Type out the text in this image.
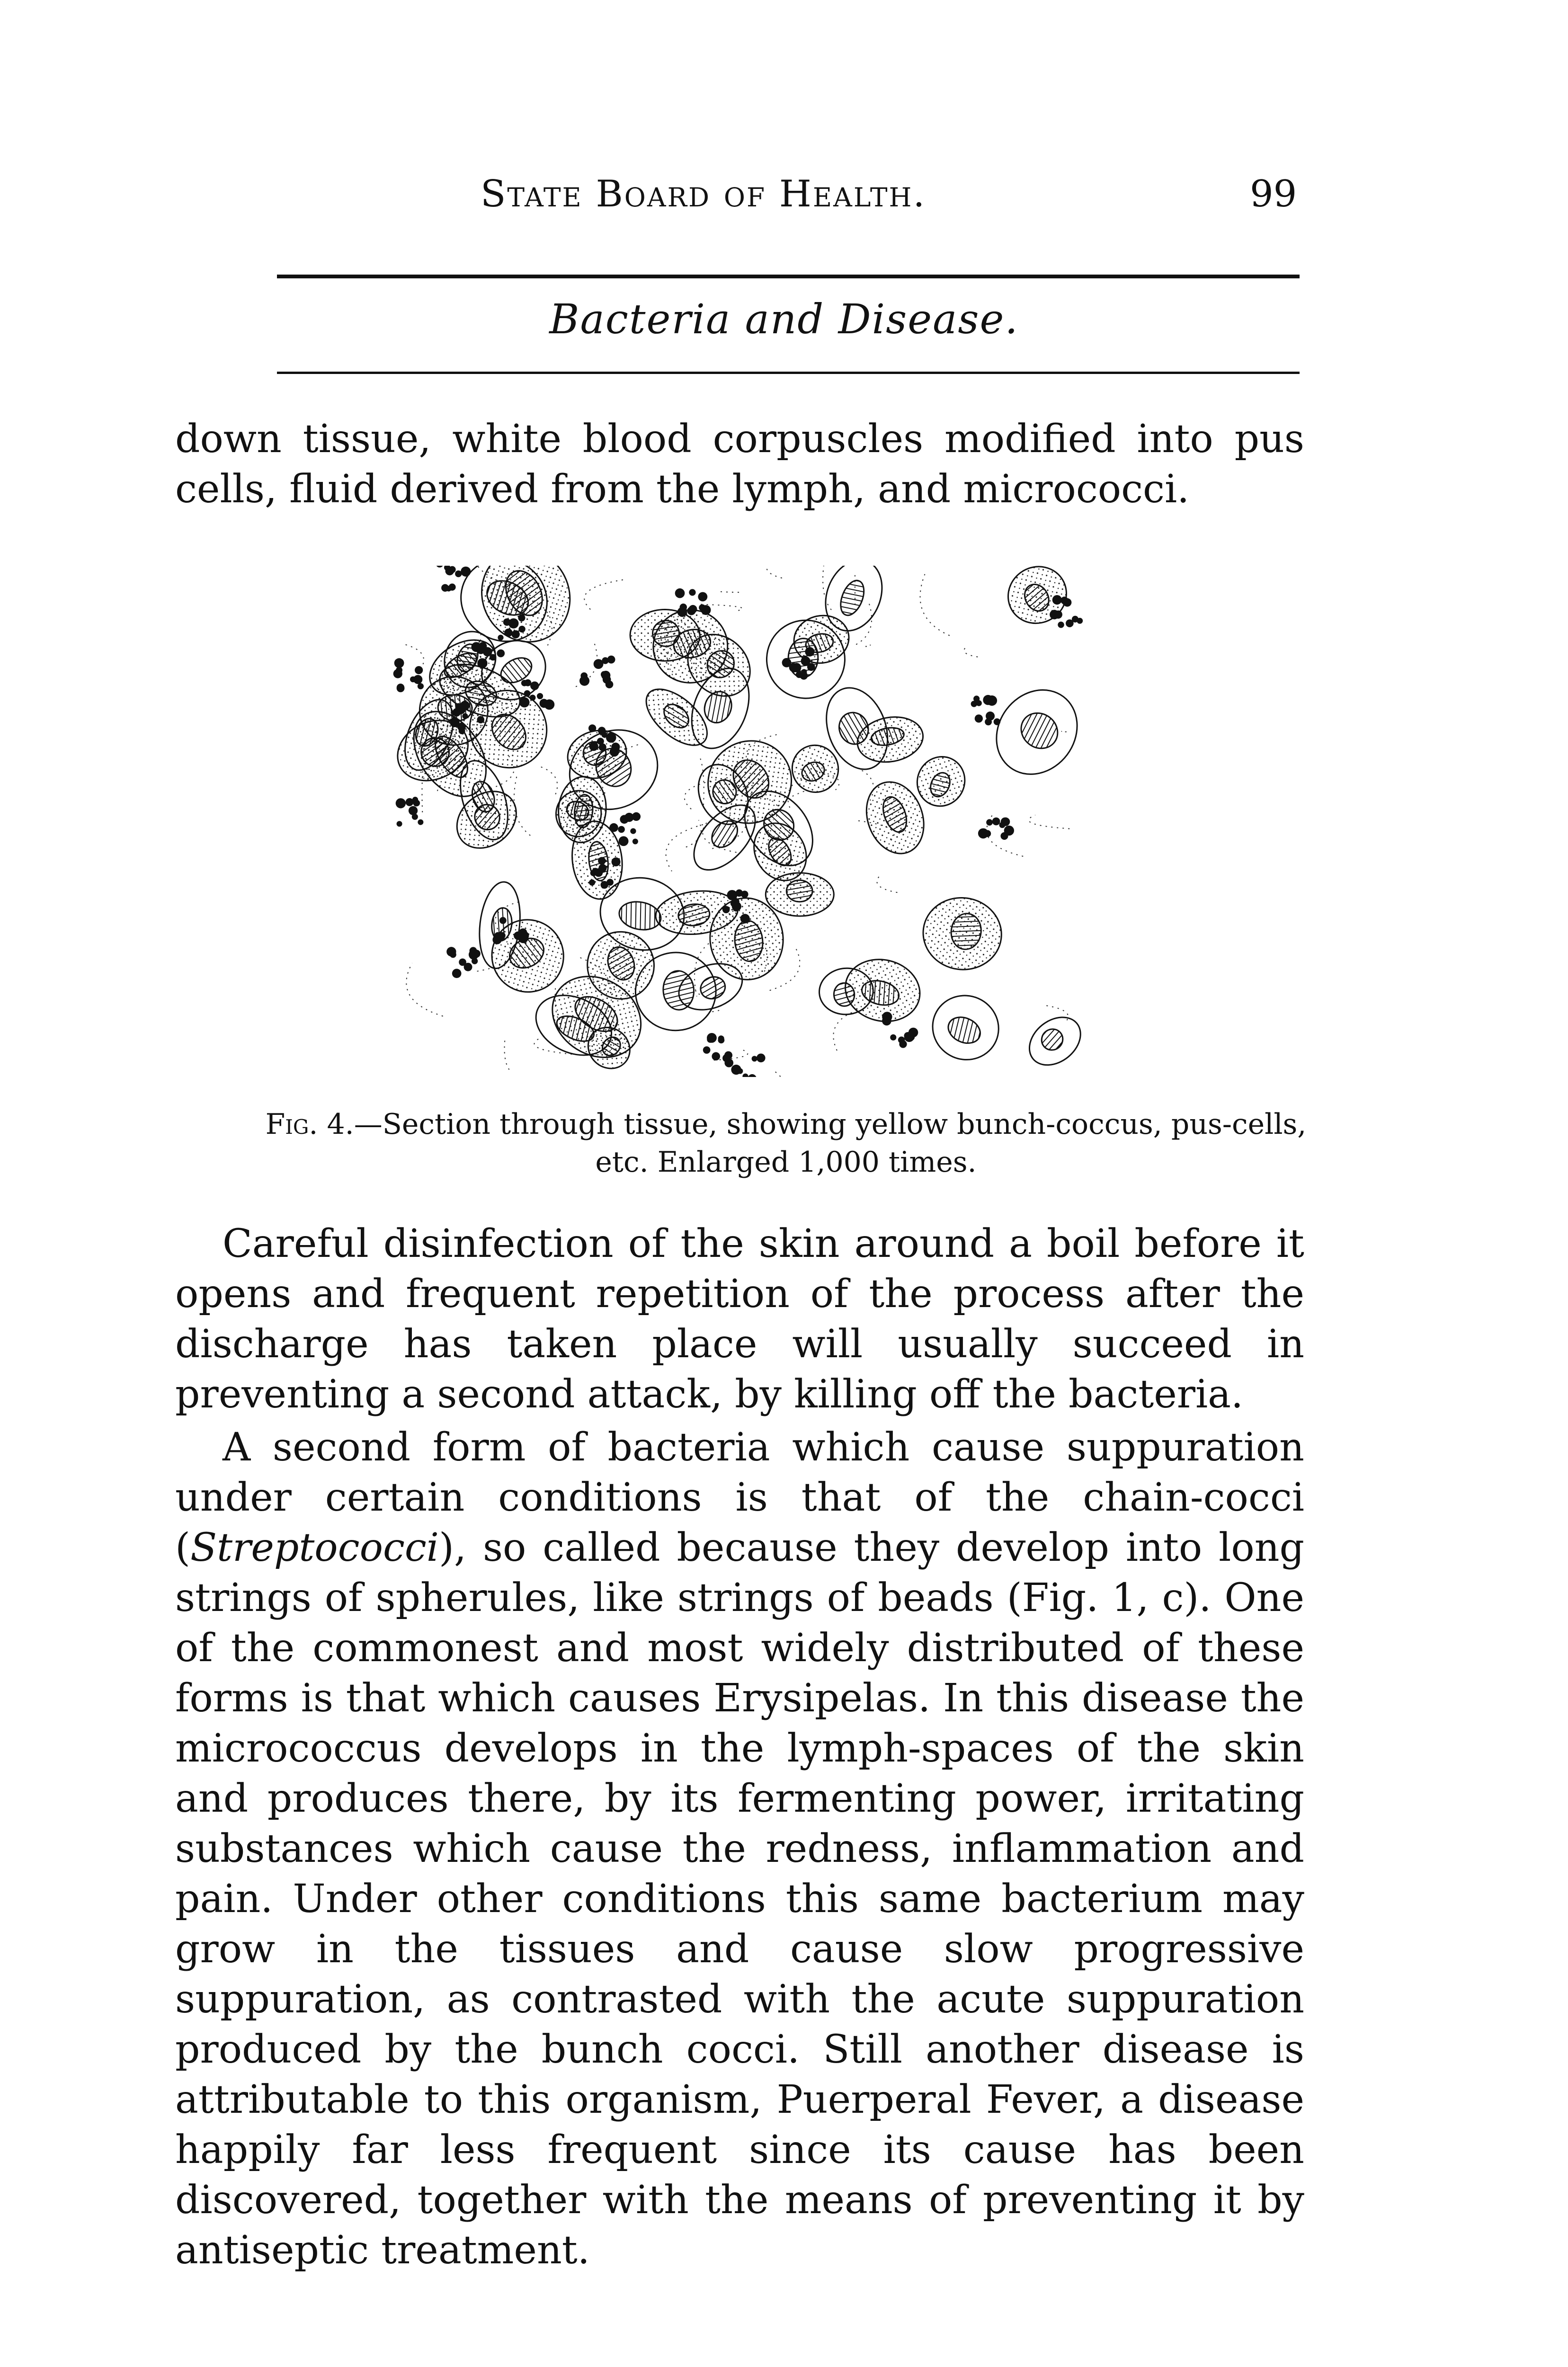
State Board of Health.	99
Bacteria and Disease.

down tissue, white blood corpuscles modified into pus cells, fluid derived from the lymph, and micrococci.

Fig. 4.—Section through tissue, showing yellow bunch-coccus, pus-cells, etc. Enlarged 1,000 times.

Careful disinfection of the skin around a boil before it opens and frequent repetition of the process after the discharge has taken place will usually succeed in preventing a second attack, by killing off the bacteria.

A second form of bacteria which cause suppuration under certain conditions is that of the chain-cocci (Streptococci), so called because they develop into long strings of spherules, like strings of beads (Fig. 1, c). One of the commonest and most widely distributed of these forms is that which causes Erysipelas. In this disease the micrococcus develops in the lymph-spaces of the skin and produces there, by its fermenting power, irritating substances which cause the redness, inflammation and pain. Under other conditions this same bacterium may grow in the tissues and cause slow progressive suppuration, as contrasted with the acute suppuration produced by the bunch cocci. Still another disease is attributable to this organism, Puerperal Fever, a disease happily far less frequent since its cause has been discovered, together with the means of preventing it by antiseptic treatment.
